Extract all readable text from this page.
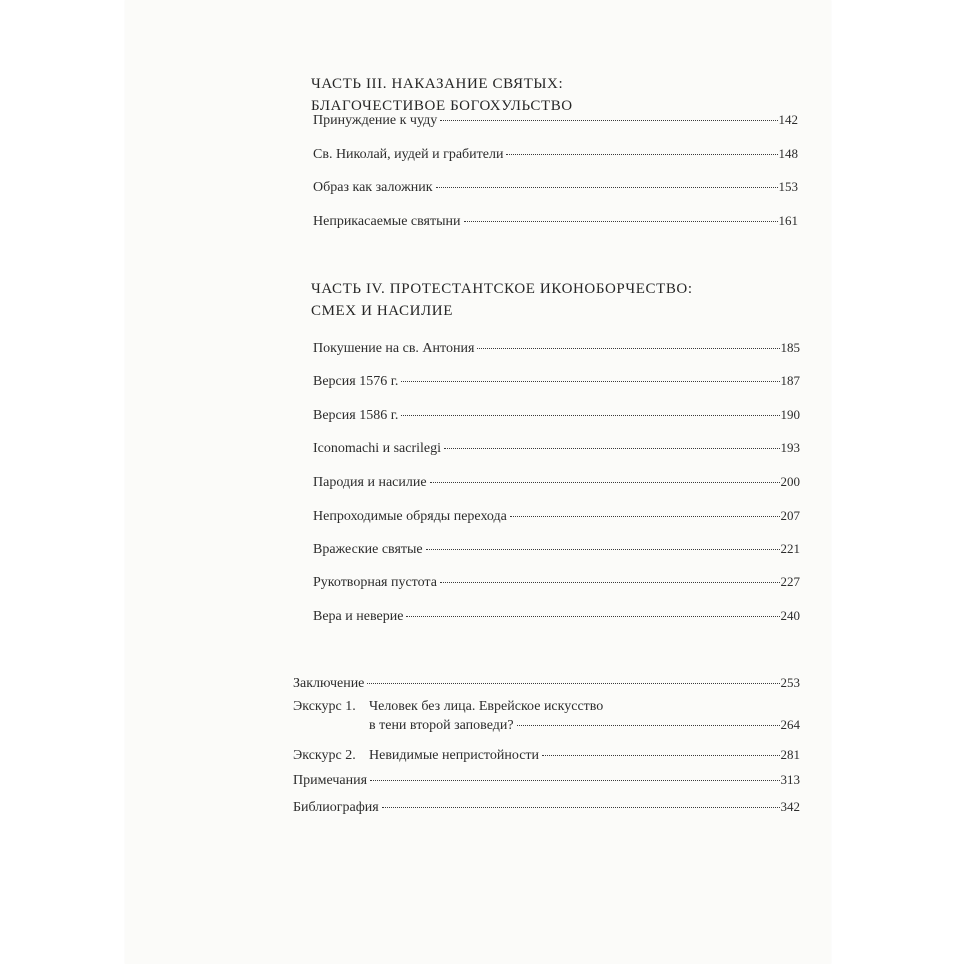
ЧАСТЬ III. НАКАЗАНИЕ СВЯТЫХ:
БЛАГОЧЕСТИВОЕ БОГОХУЛЬСТВО
Принуждение к чуду	142
Св. Николай, иудей и грабители	148
Образ как заложник	153
Неприкасаемые святыни	161
ЧАСТЬ IV. ПРОТЕСТАНТСКОЕ ИКОНОБОРЧЕСТВО:
СМЕХ И НАСИЛИЕ
Покушение на св. Антония	185
Версия 1576 г.	187
Версия 1586 г.	190
Iconomachi и sacrilegi	193
Пародия и насилие	200
Непроходимые обряды перехода	207
Вражеские святые	221
Рукотворная пустота	227
Вера и неверие	240
Заключение	253
Экскурс 1. Человек без лица. Еврейское искусство
в тени второй заповеди?	264
Экскурс 2. Невидимые непристойности	281
Примечания	313
Библиография	342
